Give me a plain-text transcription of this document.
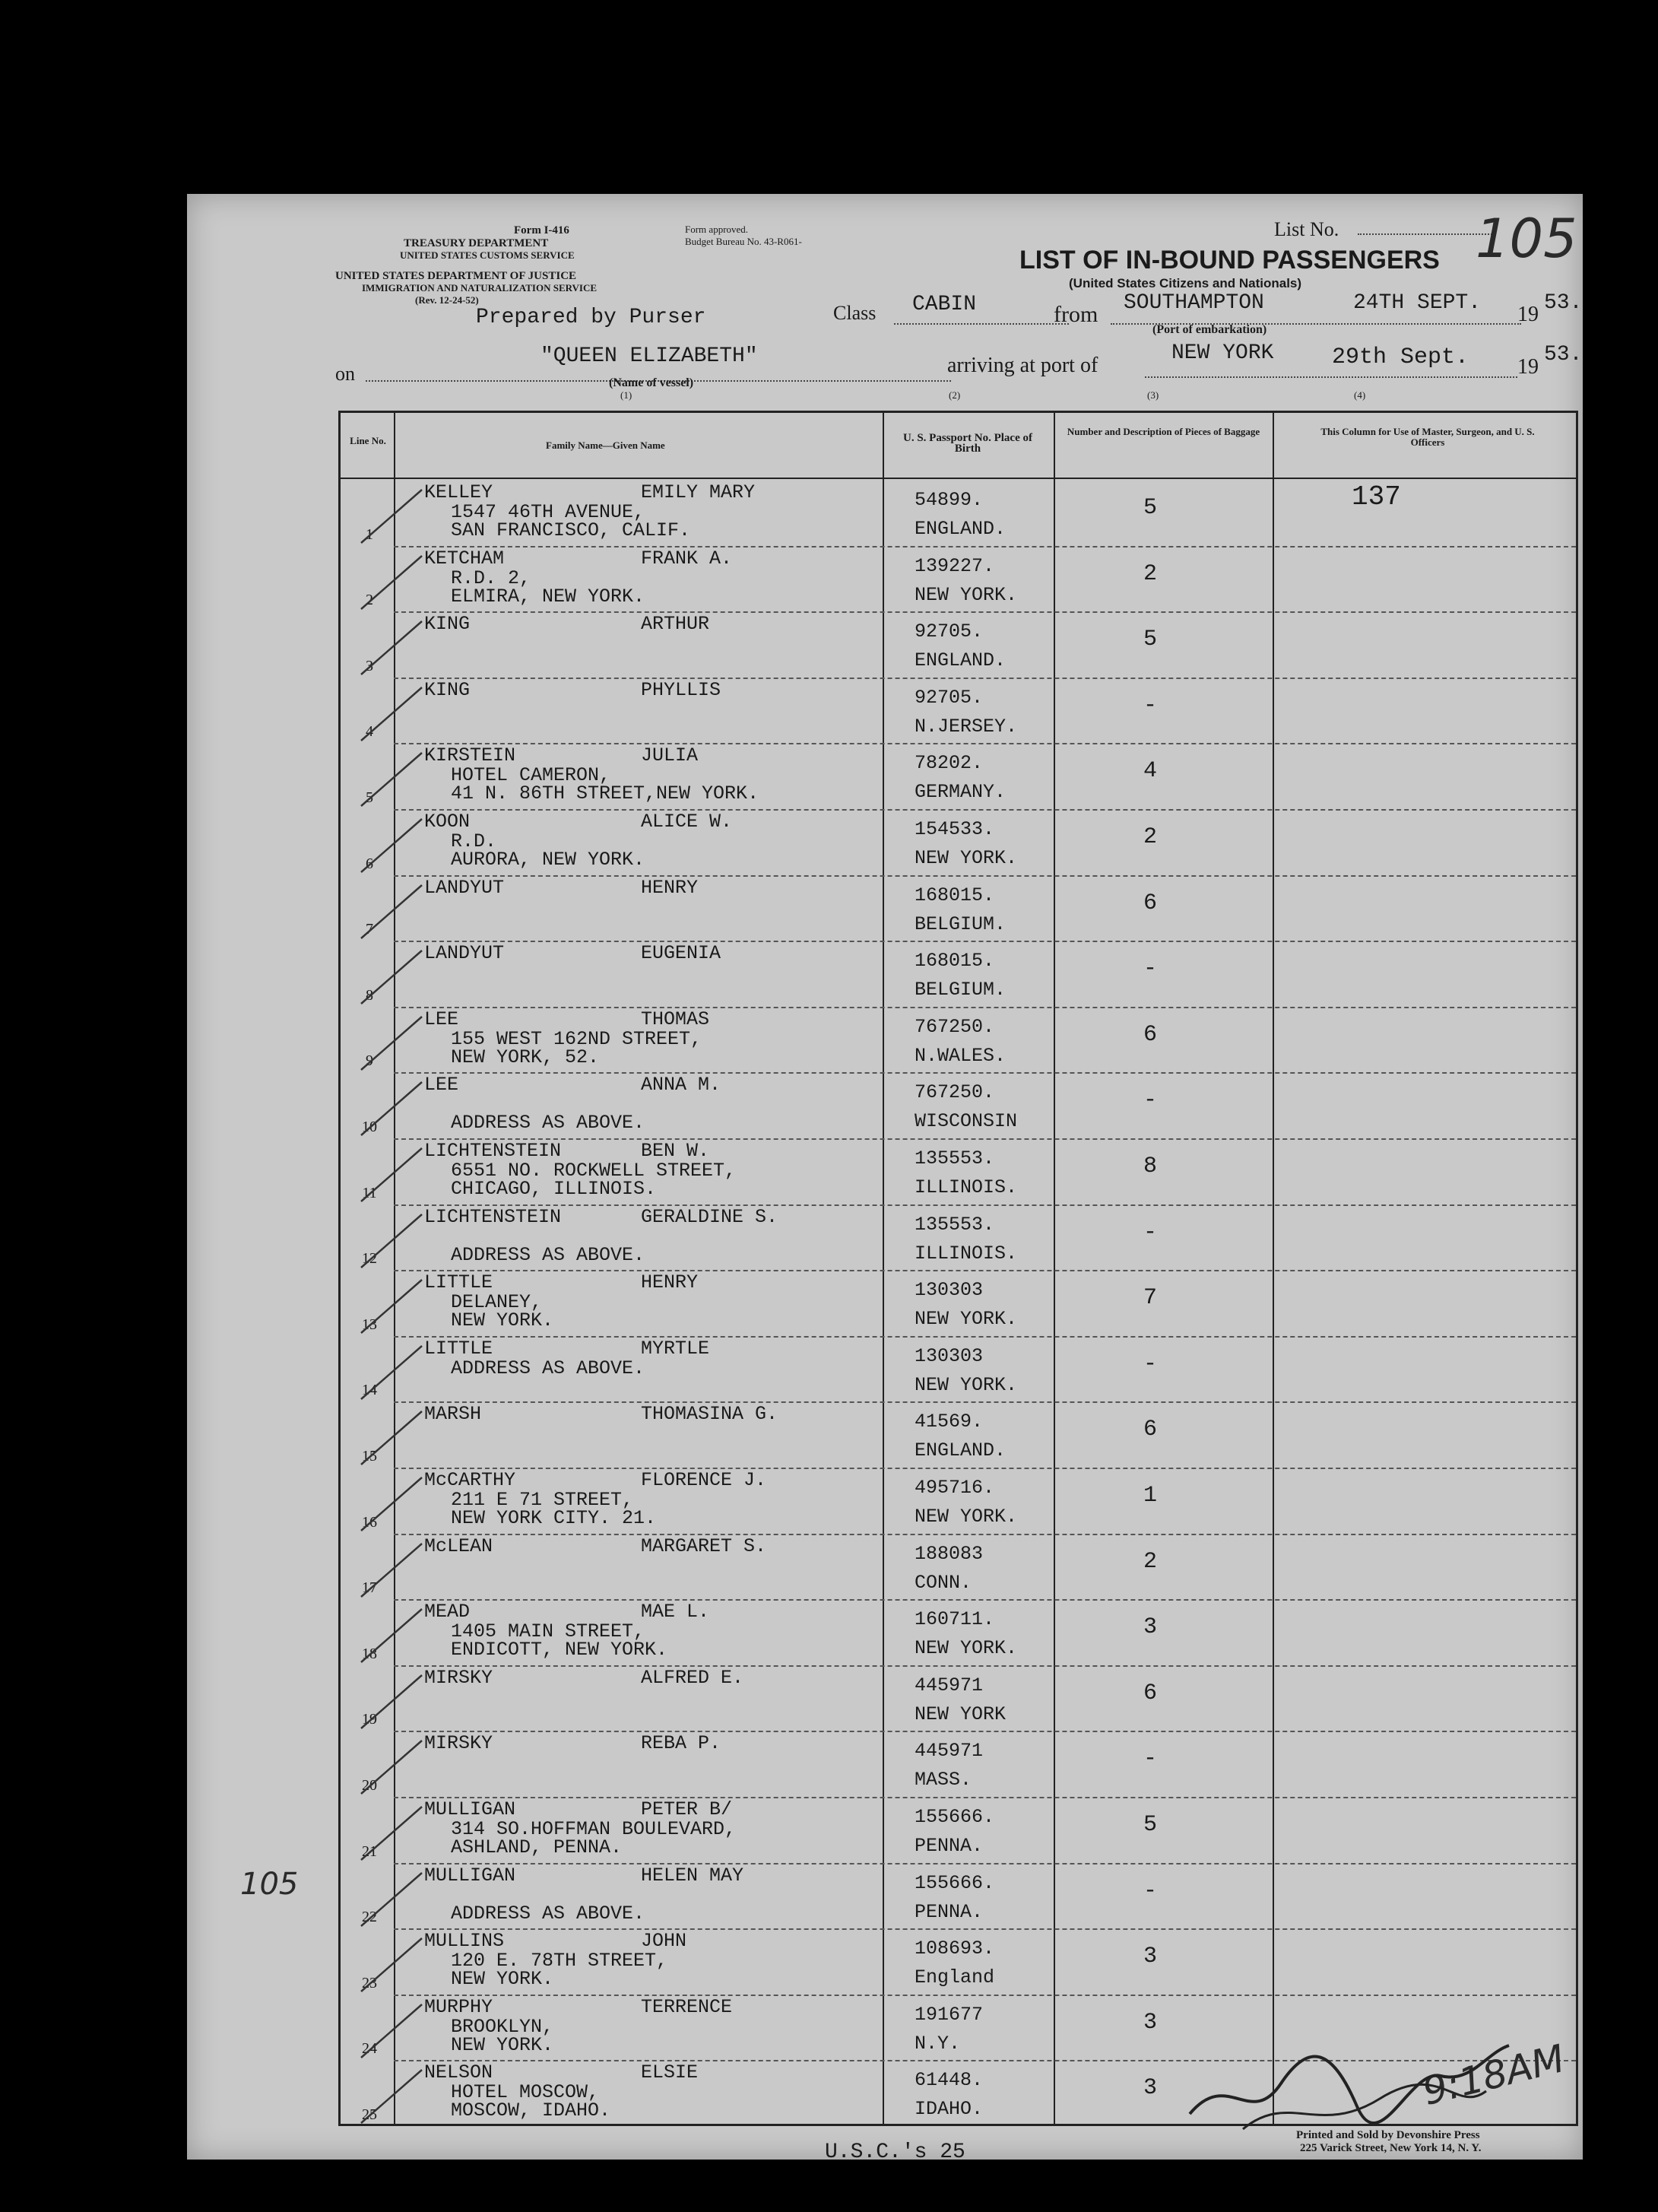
Form I-416
TREASURY DEPARTMENT
UNITED STATES CUSTOMS SERVICE
Form approved.
Budget Bureau No. 43-R061-
UNITED STATES DEPARTMENT OF JUSTICE
IMMIGRATION AND NATURALIZATION SERVICE
(Rev. 12-24-52)
Prepared by Purser
List No.	105
LIST OF IN-BOUND PASSENGERS
(United States Citizens and Nationals)
Class CABIN	from SOUTHAMPTON	24TH SEPT. 19 53.
(Port of embarkation)
on
"QUEEN ELIZABETH"
(Name of vessel)
arriving at port of
NEW YORK	29th Sept. 19
53.
(1)	(2)	(3)	(4)
Line No.	Family Name—Given Name
U. S. Passport No. Place of Birth
Number and Description of Pieces of Baggage	This Column for Use of Master, Surgeon, and U. S. Officers
1
KELLEY	EMILY MARY
1547 46TH AVENUE,
SAN FRANCISCO, CALIF.
54899.
ENGLAND.
5	137
2
KETCHAM	FRANK A.
R.D. 2,
ELMIRA, NEW YORK.
139227.
NEW YORK.
2
3
KING	ARTHUR	92705.
ENGLAND.
5
4
KING	PHYLLIS	92705.
N.JERSEY.
-
5
KIRSTEIN	JULIA
HOTEL CAMERON,
41 N. 86TH STREET,NEW YORK.
78202.
GERMANY.
4
6
KOON	ALICE W.
R.D.
AURORA, NEW YORK.
154533.
NEW YORK.
2
7
LANDYUT	HENRY	168015.
BELGIUM.
6
8
LANDYUT	EUGENIA	168015.
BELGIUM.
-
9
LEE	THOMAS
155 WEST 162ND STREET,
NEW YORK, 52.
767250.
N.WALES.
6
10
LEE	ANNA M.
ADDRESS AS ABOVE.
767250.
WISCONSIN
-
11
LICHTENSTEIN	BEN W.
6551 NO. ROCKWELL STREET,
CHICAGO, ILLINOIS.
135553.
ILLINOIS.
8
12
LICHTENSTEIN	GERALDINE S.
ADDRESS AS ABOVE.
135553.
ILLINOIS.
-
13
LITTLE	HENRY
DELANEY,
NEW YORK.
130303
NEW YORK.
7
14
LITTLE	MYRTLE
ADDRESS AS ABOVE.
130303
NEW YORK.
-
15
MARSH	THOMASINA G.	41569.
ENGLAND.
6
16
McCARTHY	FLORENCE J.
211 E 71 STREET,
NEW YORK CITY. 21.
495716.
NEW YORK.
1
17
McLEAN	MARGARET S.	188083
CONN.
2
18
MEAD	MAE L.
1405 MAIN STREET,
ENDICOTT, NEW YORK.
160711.
NEW YORK.
3
19
MIRSKY	ALFRED E.	445971
NEW YORK
6
20
MIRSKY	REBA P.	445971
MASS.
-
21
MULLIGAN	PETER B/
314 SO.HOFFMAN BOULEVARD,
ASHLAND, PENNA.
155666.
PENNA.
5
22
MULLIGAN	HELEN MAY
ADDRESS AS ABOVE.
155666.
PENNA.
-
23
MULLINS	JOHN
120 E. 78TH STREET,
NEW YORK.
108693.
England
3
24
MURPHY	TERRENCE
BROOKLYN,
NEW YORK.
191677
N.Y.
3
25
NELSON	ELSIE
HOTEL MOSCOW,
MOSCOW, IDAHO.
61448.
IDAHO.
3
U.S.C.'s 25
Printed and Sold by Devonshire Press
225 Varick Street, New York 14, N. Y.
105
9:18AM
